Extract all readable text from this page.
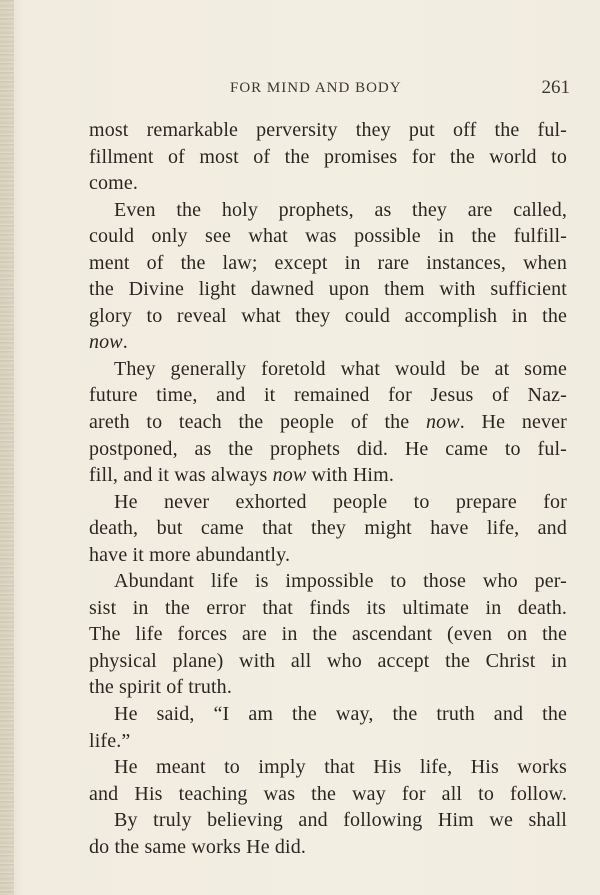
FOR MIND AND BODY	261
most remarkable perversity they put off the ful-
fillment of most of the promises for the world to
come.
Even the holy prophets, as they are called,
could only see what was possible in the fulfill-
ment of the law; except in rare instances, when
the Divine light dawned upon them with sufficient
glory to reveal what they could accomplish in the
now.
They generally foretold what would be at some
future time, and it remained for Jesus of Naz-
areth to teach the people of the now. He never
postponed, as the prophets did. He came to ful-
fill, and it was always now with Him.
He never exhorted people to prepare for
death, but came that they might have life, and
have it more abundantly.
Abundant life is impossible to those who per-
sist in the error that finds its ultimate in death.
The life forces are in the ascendant (even on the
physical plane) with all who accept the Christ in
the spirit of truth.
He said, “I am the way, the truth and the
life.”
He meant to imply that His life, His works
and His teaching was the way for all to follow.
By truly believing and following Him we shall
do the same works He did.
